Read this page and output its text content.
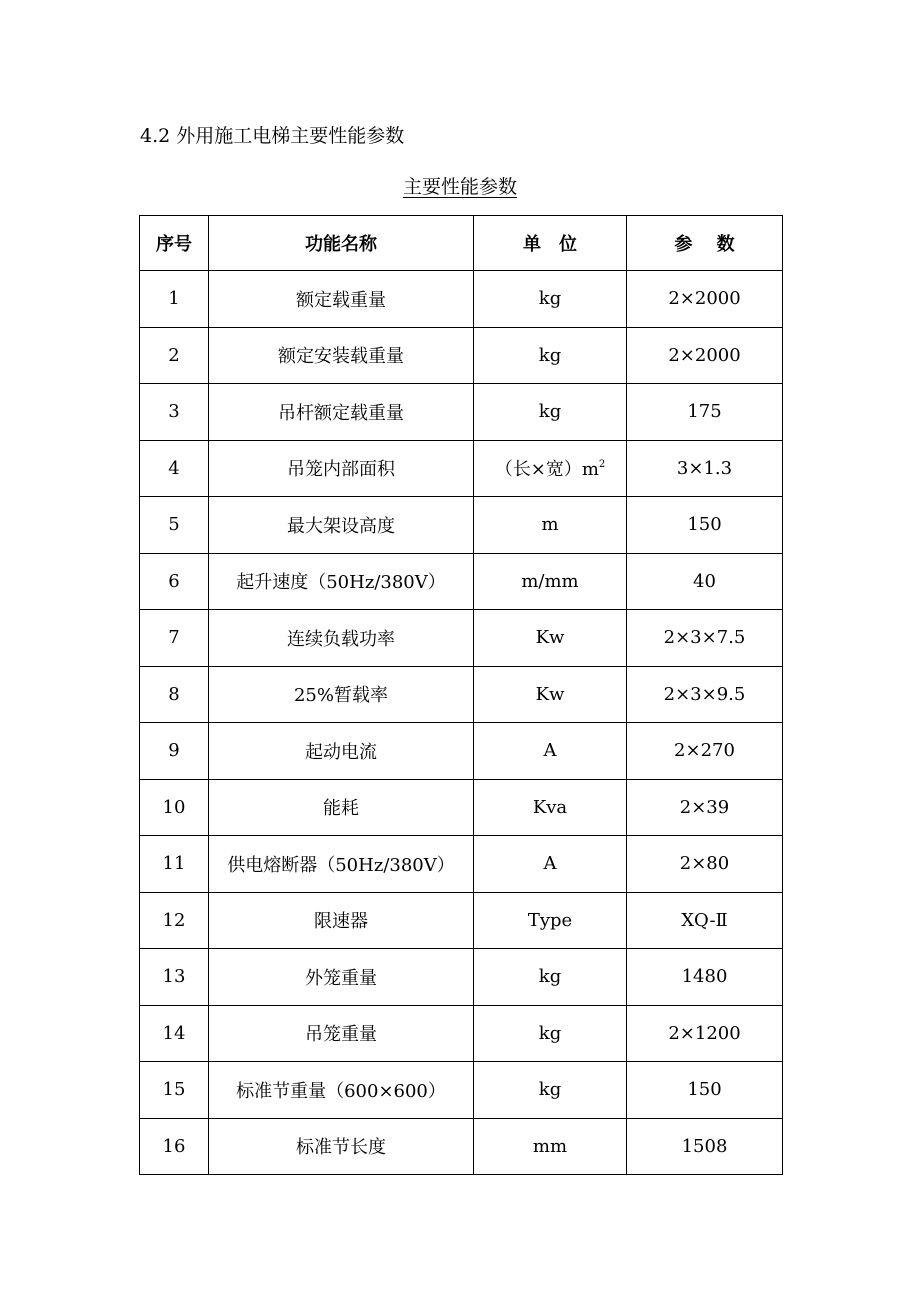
4.2 外用施工电梯主要性能参数
主要性能参数
序号	功能名称	单　位	参　 数
1	额定载重量	kg	2×2000
2	额定安装载重量	kg	2×2000
3	吊杆额定载重量	kg	175
4	吊笼内部面积	（长×宽）$m^2$	3×1.3
5	最大架设高度	m	150
6	起升速度（50Hz/380V）	m/mm	40
7	连续负载功率	Kw	2×3×7.5
8	25%暂载率	Kw	2×3×9.5
9	起动电流	A	2×270
10	能耗	Kva	2×39
11	供电熔断器（50Hz/380V）	A	2×80
12	限速器	Type	XQ-Ⅱ
13	外笼重量	kg	1480
14	吊笼重量	kg	2×1200
15	标准节重量（600×600）	kg	150
16	标准节长度	mm	1508
